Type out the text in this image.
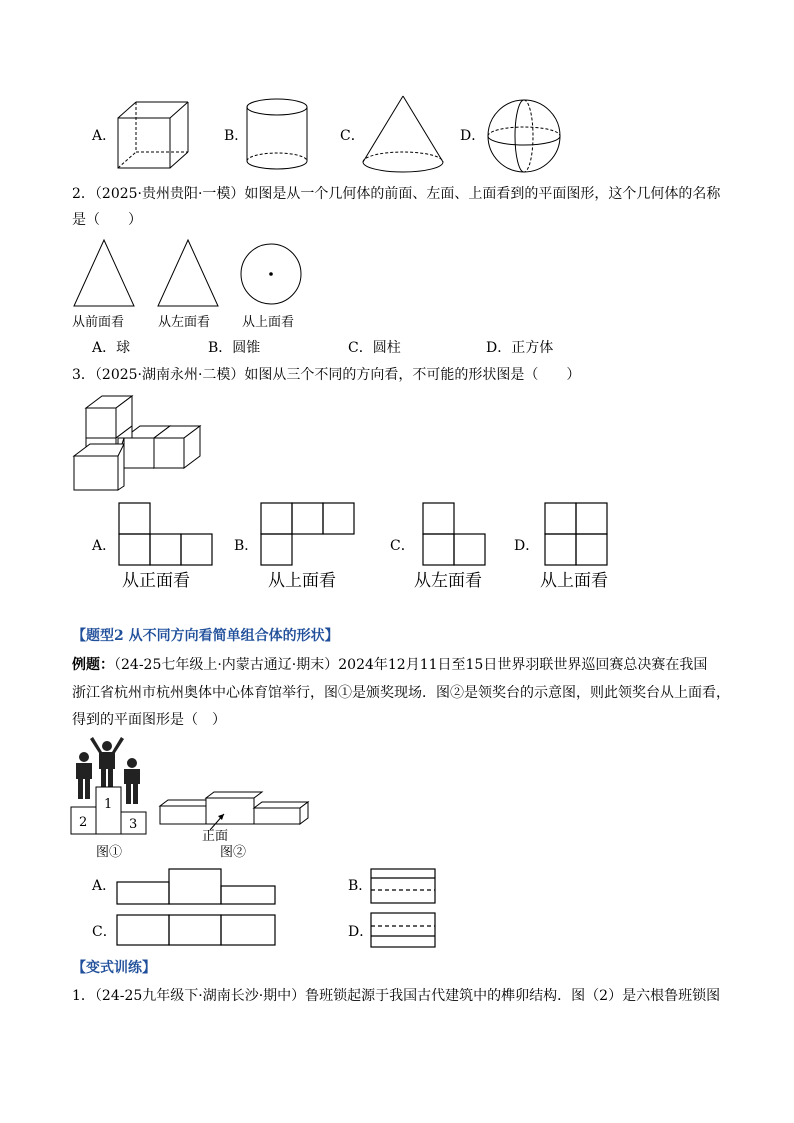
A．	B．	C．	D．
2．（2025·贵州贵阳·一模）如图是从一个几何体的前面、左面、上面看到的平面图形，这个几何体的名称
是（　　）
从前面看	从左面看 从上面看
A．球	B．圆锥	C．圆柱	D．正方体
3．（2025·湖南永州·二模）如图从三个不同的方向看，不可能的形状图是（　　）
A．
从正面看
B．
从上面看
C．
从左面看
D．
从上面看
【题型2 从不同方向看简单组合体的形状】
例题：（24-25七年级上·内蒙古通辽·期末）2024年12月11日至15日世界羽联世界巡回赛总决赛在我国
浙江省杭州市杭州奥体中心体育馆举行，图①是颁奖现场．图②是领奖台的示意图，则此领奖台从上面看，
得到的平面图形是（　）
2
1
3
图①
正面
图②
A．	B．
C．	D．
【变式训练】
1．（24-25九年级下·湖南长沙·期中）鲁班锁起源于我国古代建筑中的榫卯结构．图（2）是六根鲁班锁图
